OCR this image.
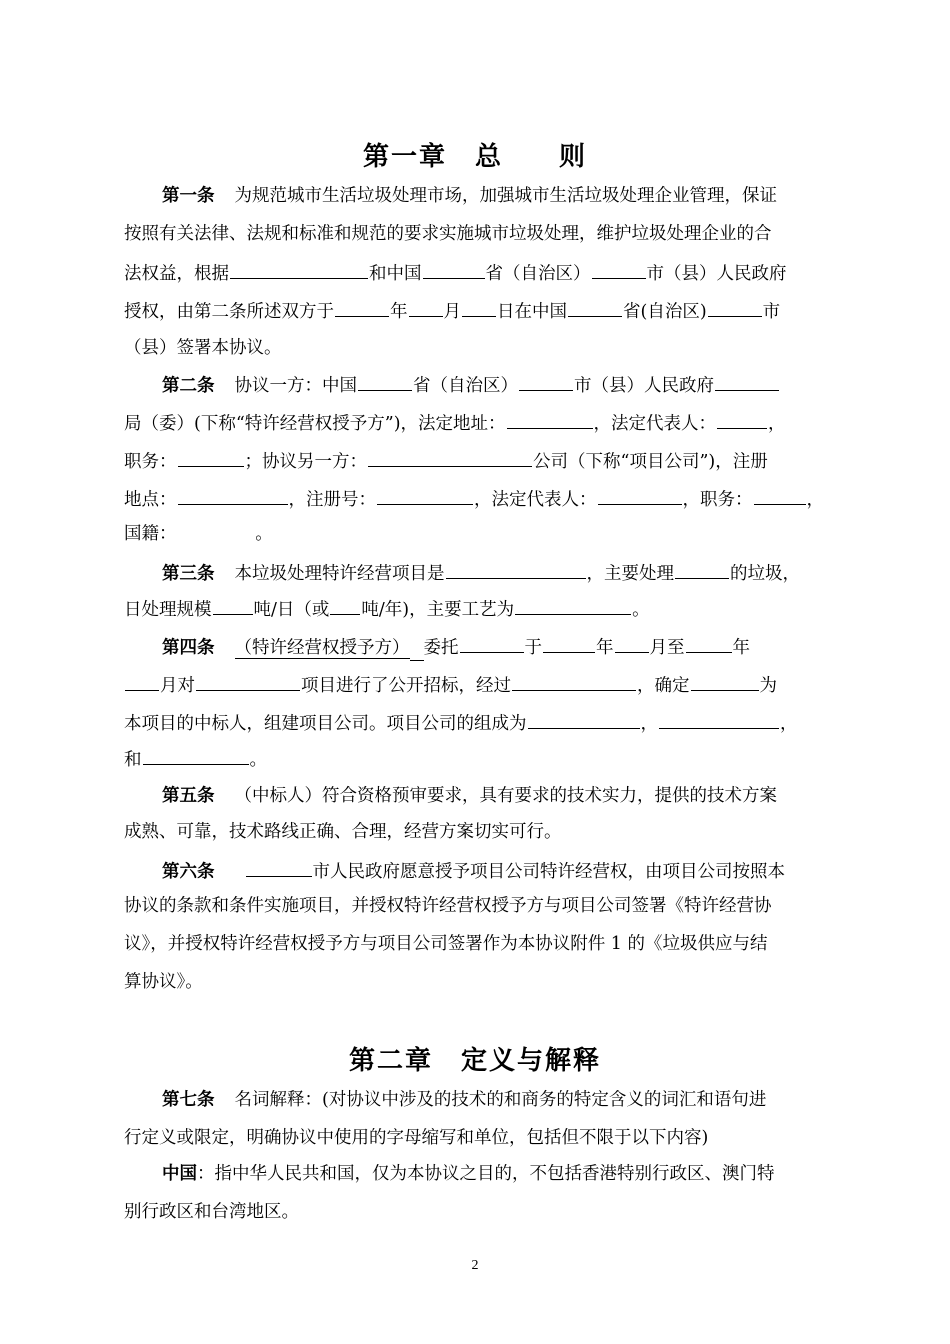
第一章　总　　则
第一条 为规范城市生活垃圾处理市场，加强城市生活垃圾处理企业管理，保证
按照有关法律、法规和标准和规范的要求实施城市垃圾处理，维护垃圾处理企业的合
法权益，根据	和中国	省（自治区）	市（县）人民政府
授权，由第二条所述双方于	年 月 日在中国	省(自治区)	市
（县）签署本协议。
第二条 协议一方：中国	省（自治区）	市（县）人民政府
局（委）(下称“特许经营权授予方”)，法定地址：	，法定代表人：	，
职务：	；协议另一方：	公司（下称“项目公司”)，注册
地点：	，注册号：	，法定代表人：	，职务：	，
国籍：　　　　　。
第三条 本垃圾处理特许经营项目是	，主要处理	的垃圾，
日处理规模 吨/日（或 吨/年)，主要工艺为	。
第四条 （特许经营权授予方） 委托	于	年 月至	年
月对	项目进行了公开招标，经过	，确定	为
本项目的中标人，组建项目公司。项目公司的组成为	，	，
和	。
第五条 （中标人）符合资格预审要求，具有要求的技术实力，提供的技术方案
成熟、可靠，技术路线正确、合理，经营方案切实可行。
第六条	市人民政府愿意授予项目公司特许经营权，由项目公司按照本
协议的条款和条件实施项目，并授权特许经营权授予方与项目公司签署《特许经营协
议》，并授权特许经营权授予方与项目公司签署作为本协议附件 1 的《垃圾供应与结
算协议》。
第二章　定义与解释
第七条 名词解释：(对协议中涉及的技术的和商务的特定含义的词汇和语句进
行定义或限定，明确协议中使用的字母缩写和单位，包括但不限于以下内容)
中国：指中华人民共和国，仅为本协议之目的，不包括香港特别行政区、澳门特
别行政区和台湾地区。
2
